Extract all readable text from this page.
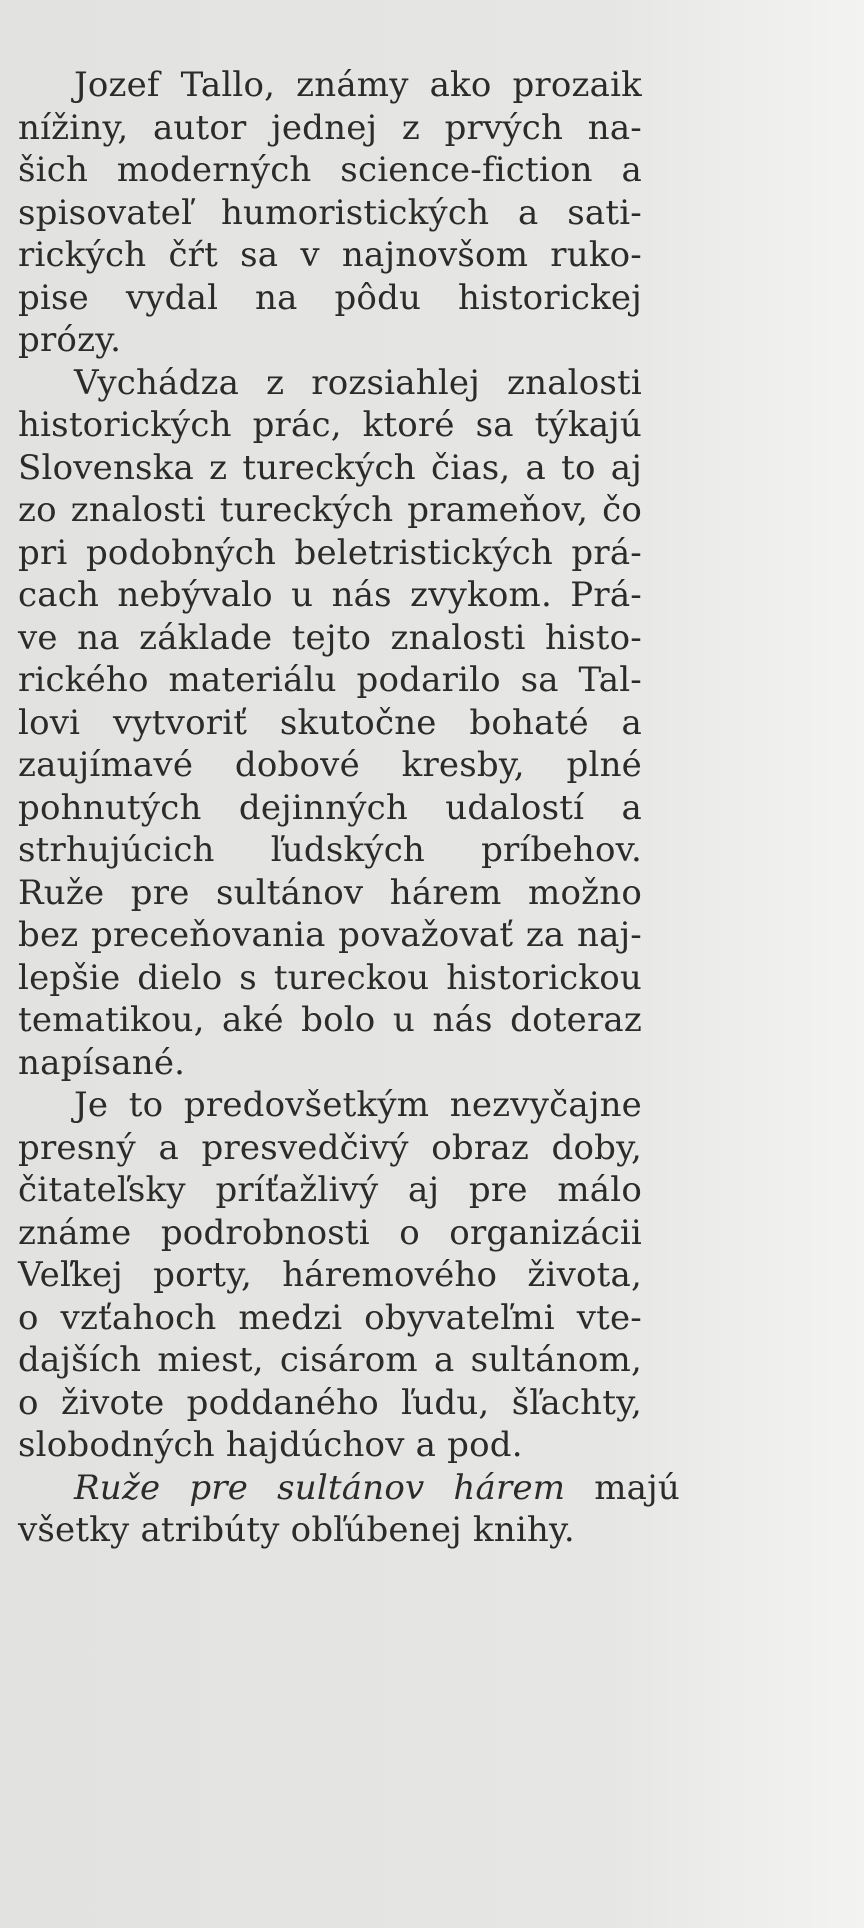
Jozef Tallo, známy ako prozaik
nížiny, autor jednej z prvých na-
šich moderných science-fiction a
spisovateľ humoristických a sati-
rických čŕt sa v najnovšom ruko-
pise vydal na pôdu historickej
prózy.
Vychádza z rozsiahlej znalosti
historických prác, ktoré sa týkajú
Slovenska z tureckých čias, a to aj
zo znalosti tureckých prameňov, čo
pri podobných beletristických prá-
cach nebývalo u nás zvykom. Prá-
ve na základe tejto znalosti histo-
rického materiálu podarilo sa Tal-
lovi vytvoriť skutočne bohaté a
zaujímavé dobové kresby, plné
pohnutých dejinných udalostí a
strhujúcich ľudských príbehov.
Ruže pre sultánov hárem možno
bez preceňovania považovať za naj-
lepšie dielo s tureckou historickou
tematikou, aké bolo u nás doteraz
napísané.
Je to predovšetkým nezvyčajne
presný a presvedčivý obraz doby,
čitateľsky príťažlivý aj pre málo
známe podrobnosti o organizácii
Veľkej porty, háremového života,
o vzťahoch medzi obyvateľmi vte-
dajších miest, cisárom a sultánom,
o živote poddaného ľudu, šľachty,
slobodných hajdúchov a pod.
Ruže pre sultánov hárem majú
všetky atribúty obľúbenej knihy.
